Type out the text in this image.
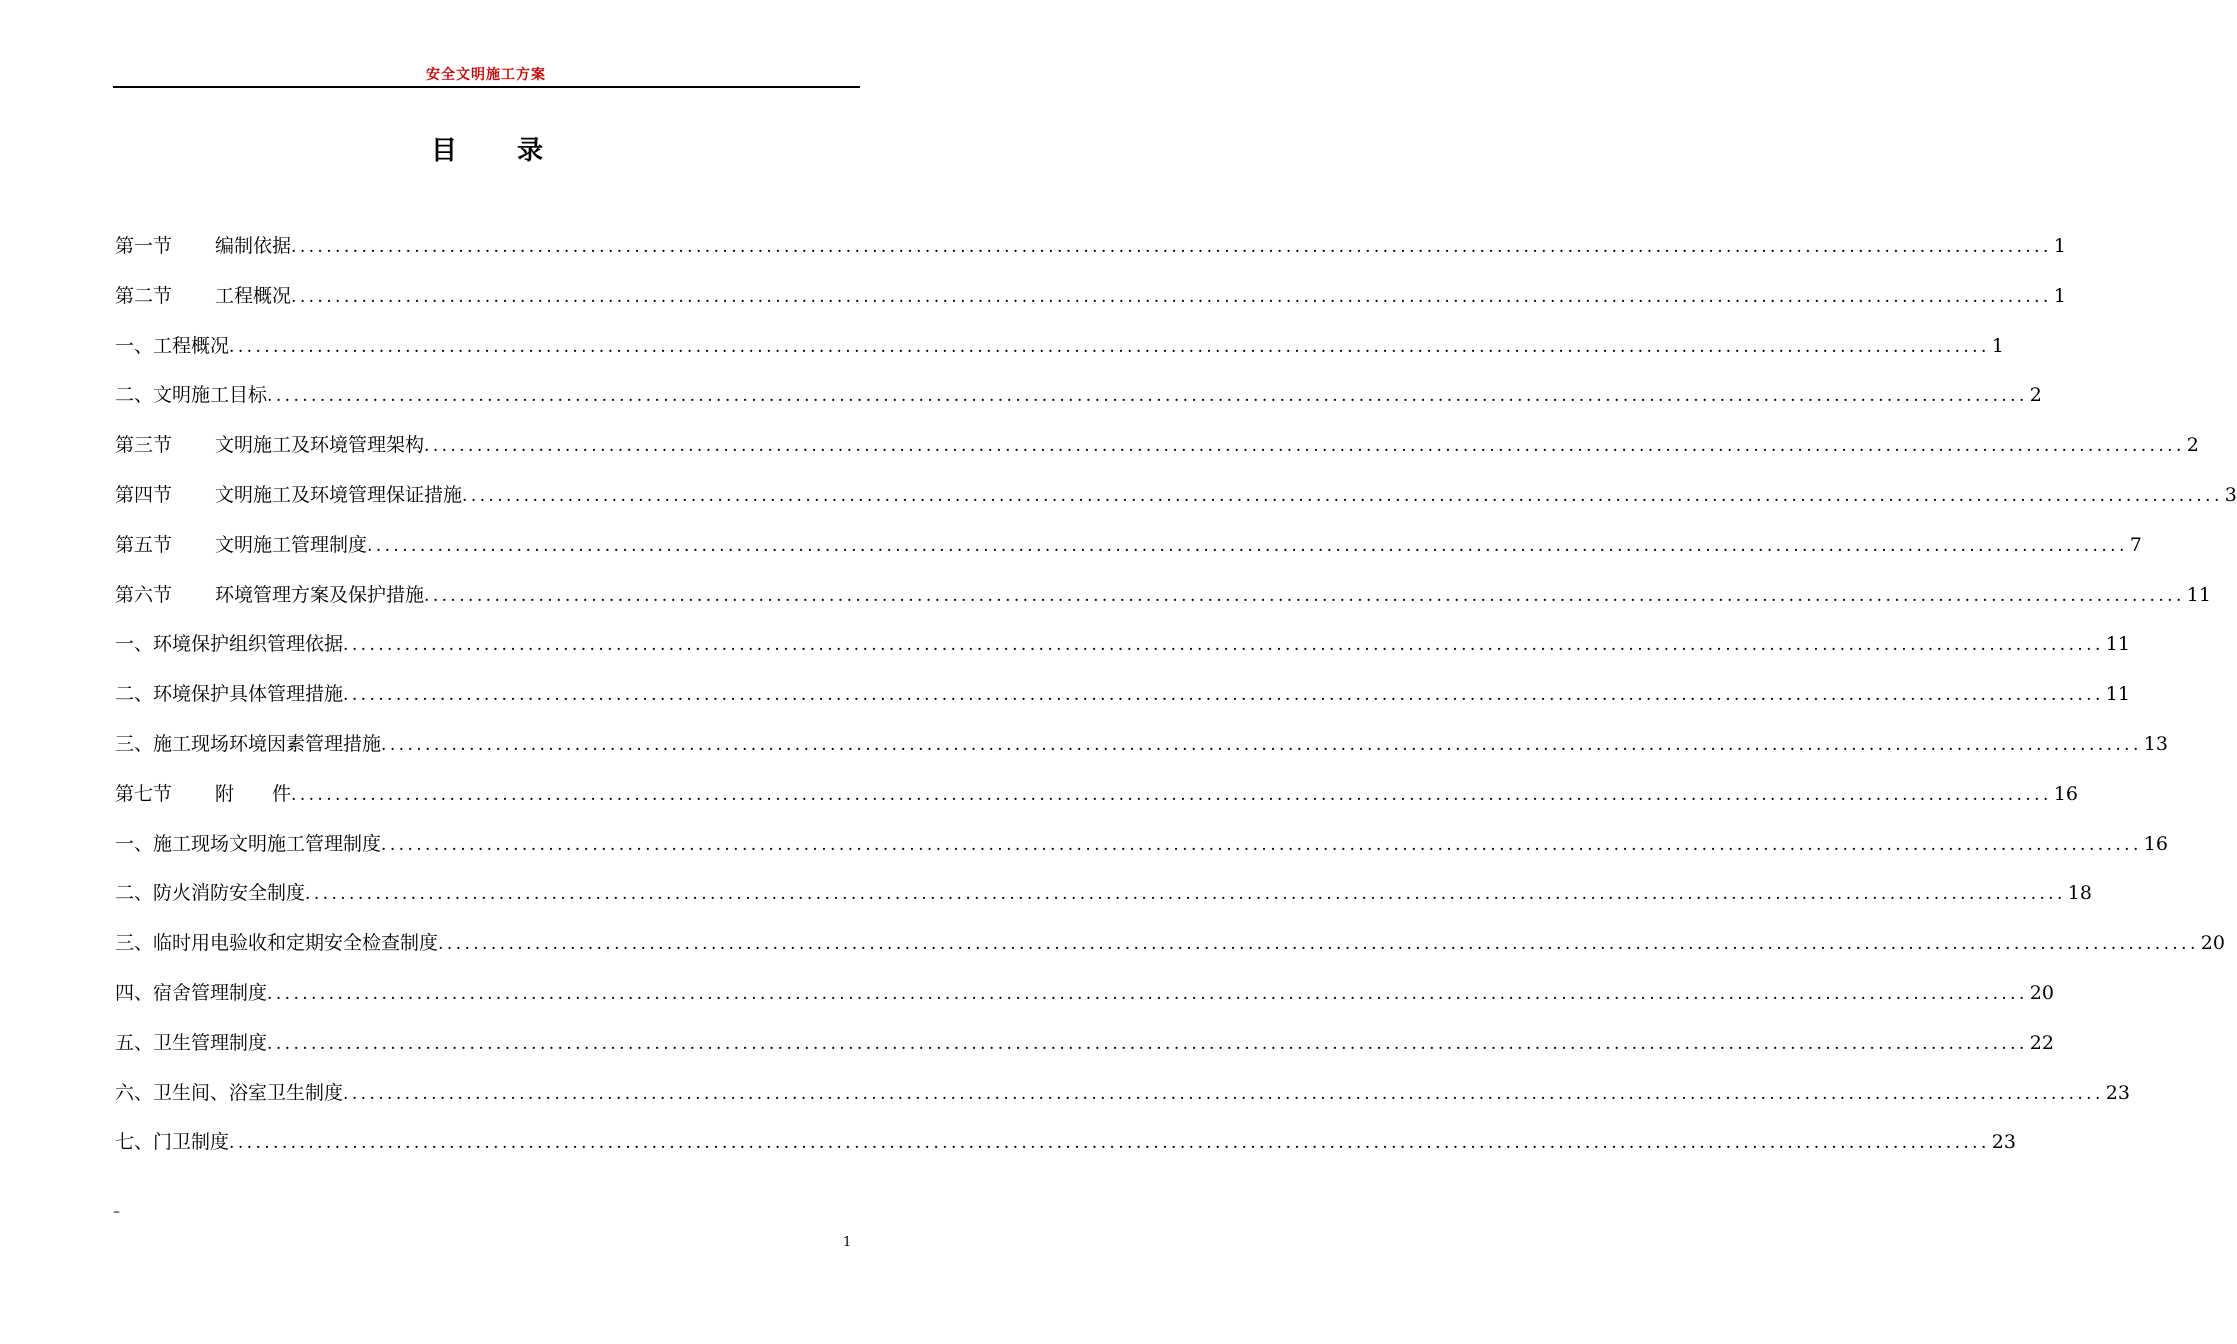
安全文明施工方案
目 录
第一节	编制依据 ........................................................................................................................................................................................................ 1
第二节	工程概况 ........................................................................................................................................................................................................ 1
一、 工程概况 ........................................................................................................................................................................................................ 1
二、 文明施工目标 ........................................................................................................................................................................................................ 2
第三节	文明施工及环境管理架构 ........................................................................................................................................................................................................ 2
第四节	文明施工及环境管理保证措施 ........................................................................................................................................................................................................ 3
第五节	文明施工管理制度 ........................................................................................................................................................................................................ 7
第六节	环境管理方案及保护措施 ........................................................................................................................................................................................................ 11
一、 环境保护组织管理依据 ........................................................................................................................................................................................................ 11
二、 环境保护具体管理措施 ........................................................................................................................................................................................................ 11
三、 施工现场环境因素管理措施 ........................................................................................................................................................................................................ 13
第七节	附　　件 ........................................................................................................................................................................................................ 16
一、 施工现场文明施工管理制度 ........................................................................................................................................................................................................ 16
二、 防火消防安全制度 ........................................................................................................................................................................................................ 18
三、 临时用电验收和定期安全检查制度 ........................................................................................................................................................................................................ 20
四、 宿舍管理制度 ........................................................................................................................................................................................................ 20
五、 卫生管理制度 ........................................................................................................................................................................................................ 22
六、 卫生间、浴室卫生制度 ........................................................................................................................................................................................................ 23
七、 门卫制度 ........................................................................................................................................................................................................ 23
–
1
